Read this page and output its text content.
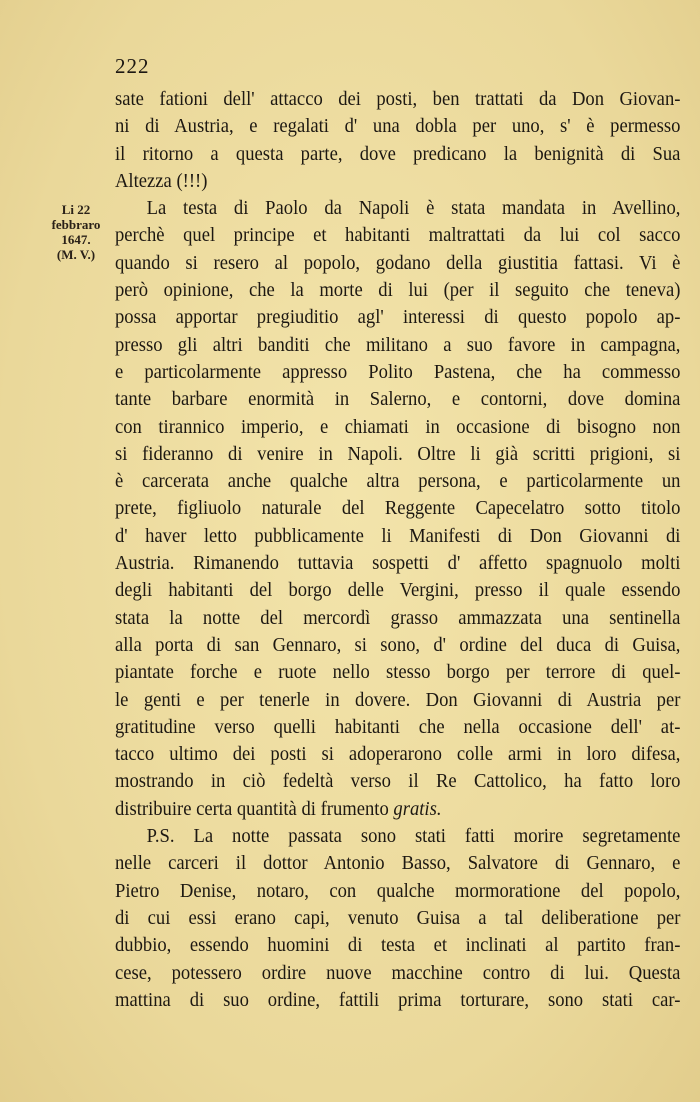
222
Li 22
febbraro
1647.
(M. V.)
sate fationi dell' attacco dei posti, ben trattati da Don Giovan-
ni di Austria, e regalati d' una dobla per uno, s' è permesso
il ritorno a questa parte, dove predicano la benignità di Sua
Altezza (!!!)
La testa di Paolo da Napoli è stata mandata in Avellino,
perchè quel principe et habitanti maltrattati da lui col sacco
quando si resero al popolo, godano della giustitia fattasi. Vi è
però opinione, che la morte di lui (per il seguito che teneva)
possa apportar pregiuditio agl' interessi di questo popolo ap-
presso gli altri banditi che militano a suo favore in campagna,
e particolarmente appresso Polito Pastena, che ha commesso
tante barbare enormità in Salerno, e contorni, dove domina
con tirannico imperio, e chiamati in occasione di bisogno non
si fideranno di venire in Napoli. Oltre li già scritti prigioni, si
è carcerata anche qualche altra persona, e particolarmente un
prete, figliuolo naturale del Reggente Capecelatro sotto titolo
d' haver letto pubblicamente li Manifesti di Don Giovanni di
Austria. Rimanendo tuttavia sospetti d' affetto spagnuolo molti
degli habitanti del borgo delle Vergini, presso il quale essendo
stata la notte del mercordì grasso ammazzata una sentinella
alla porta di san Gennaro, si sono, d' ordine del duca di Guisa,
piantate forche e ruote nello stesso borgo per terrore di quel-
le genti e per tenerle in dovere. Don Giovanni di Austria per
gratitudine verso quelli habitanti che nella occasione dell' at-
tacco ultimo dei posti si adoperarono colle armi in loro difesa,
mostrando in ciò fedeltà verso il Re Cattolico, ha fatto loro
distribuire certa quantità di frumento gratis.
P.S. La notte passata sono stati fatti morire segretamente
nelle carceri il dottor Antonio Basso, Salvatore di Gennaro, e
Pietro Denise, notaro, con qualche mormoratione del popolo,
di cui essi erano capi, venuto Guisa a tal deliberatione per
dubbio, essendo huomini di testa et inclinati al partito fran-
cese, potessero ordire nuove macchine contro di lui. Questa
mattina di suo ordine, fattili prima torturare, sono stati car-
